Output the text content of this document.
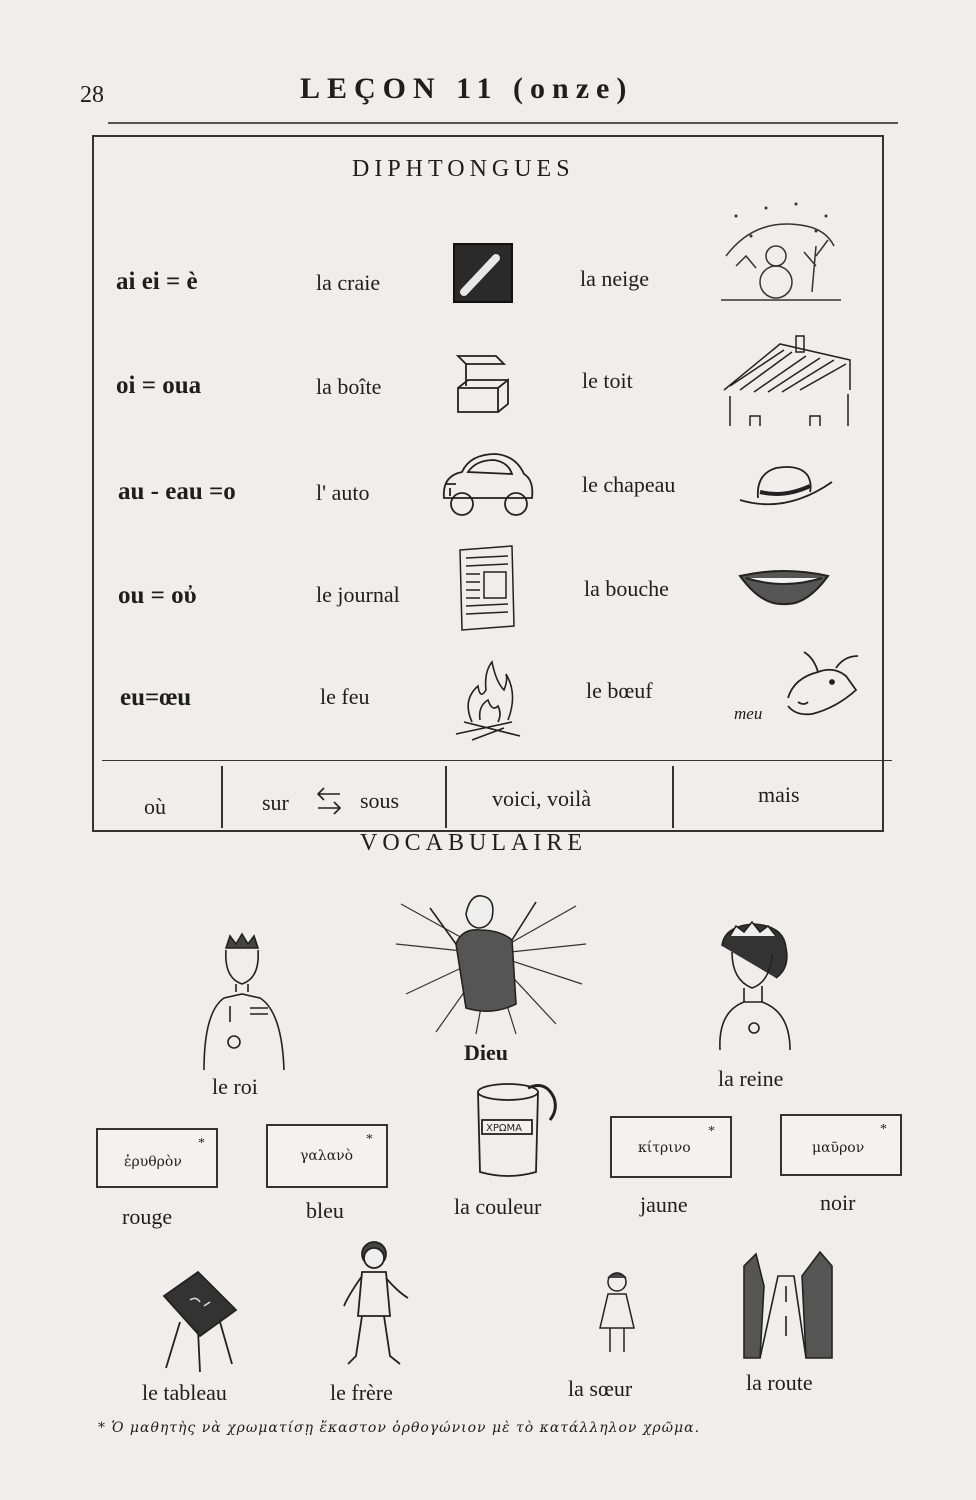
28	LEÇON 11 (onze)
DIPHTONGUES
ai ei = è	la craie	la neige
oi = oua	la boîte	le toit
au - eau =o	l' auto	le chapeau
ou = οὐ	le journal	la bouche
eu=œu	le feu	le bœuf
meu
où	sur	sous	voici, voilà	mais
VOCABULAIRE
le roi
Dieu
la reine
ἐρυθρὸν
*
rouge
γαλανὸ
*
bleu
ΧΡΩΜΑ
la couleur
κίτρινο
*
jaune
μαῦρον
*
noir
le tableau	le frère	la sœur	la route
* Ὁ μαθητὴς νὰ χρωματίσῃ ἕκαστον ὀρθογώνιον μὲ τὸ κατάλληλον χρῶμα.
